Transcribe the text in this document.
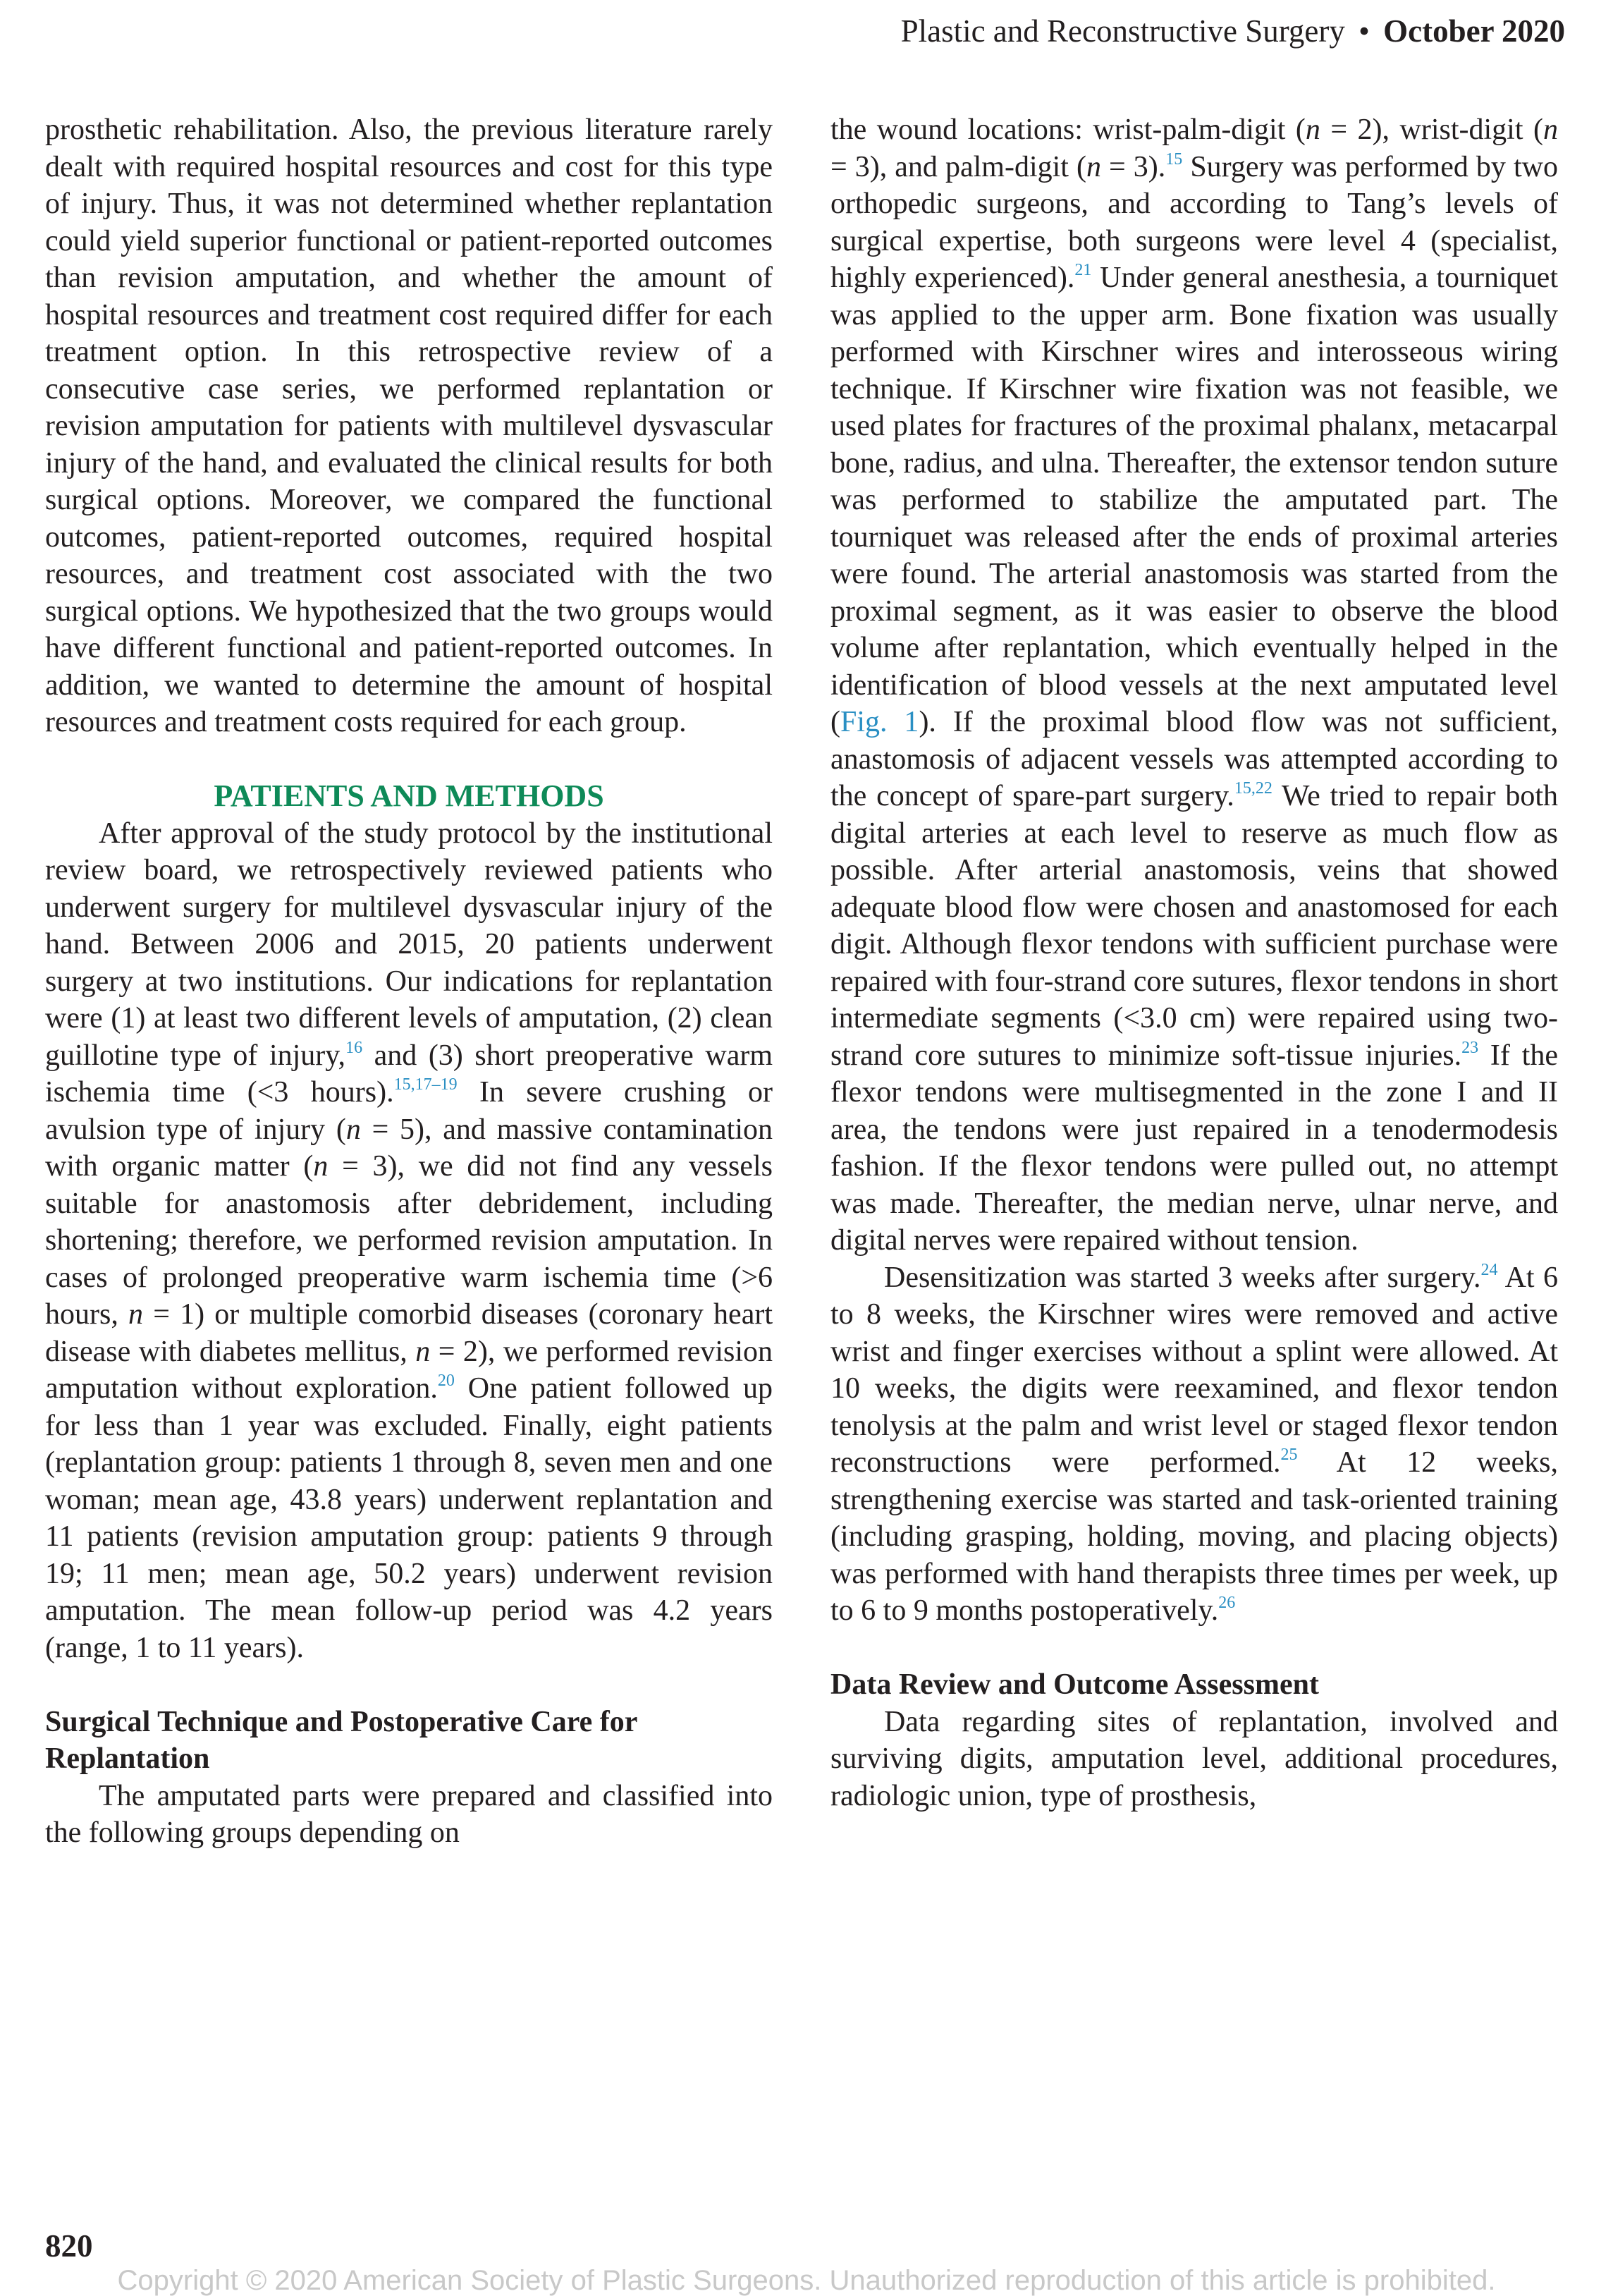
Plastic and Reconstructive Surgery • October 2020

prosthetic rehabilitation. Also, the previous literature rarely dealt with required hospital resources and cost for this type of injury. Thus, it was not determined whether replantation could yield superior functional or patient-reported outcomes than revision amputation, and whether the amount of hospital resources and treatment cost required differ for each treatment option. In this retrospective review of a consecutive case series, we performed replantation or revision amputation for patients with multilevel dysvascular injury of the hand, and evaluated the clinical results for both surgical options. Moreover, we compared the functional outcomes, patient-reported outcomes, required hospital resources, and treatment cost associated with the two surgical options. We hypothesized that the two groups would have different functional and patient-reported outcomes. In addition, we wanted to determine the amount of hospital resources and treatment costs required for each group.

PATIENTS AND METHODS

After approval of the study protocol by the institutional review board, we retrospectively reviewed patients who underwent surgery for multilevel dysvascular injury of the hand. Between 2006 and 2015, 20 patients underwent surgery at two institutions. Our indications for replantation were (1) at least two different levels of amputation, (2) clean guillotine type of injury,$^{16}$ and (3) short preoperative warm ischemia time (<3 hours).$^{15,17-19}$ In severe crushing or avulsion type of injury (n = 5), and massive contamination with organic matter (n = 3), we did not find any vessels suitable for anastomosis after debridement, including shortening; therefore, we performed revision amputation. In cases of prolonged preoperative warm ischemia time (>6 hours, n = 1) or multiple comorbid diseases (coronary heart disease with diabetes mellitus, n = 2), we performed revision amputation without exploration.$^{20}$ One patient followed up for less than 1 year was excluded. Finally, eight patients (replantation group: patients 1 through 8, seven men and one woman; mean age, 43.8 years) underwent replantation and 11 patients (revision amputation group: patients 9 through 19; 11 men; mean age, 50.2 years) underwent revision amputation. The mean follow-up period was 4.2 years (range, 1 to 11 years).

Surgical Technique and Postoperative Care for Replantation

The amputated parts were prepared and classified into the following groups depending on

the wound locations: wrist-palm-digit (n = 2), wrist-digit (n = 3), and palm-digit (n = 3).$^{15}$ Surgery was performed by two orthopedic surgeons, and according to Tang’s levels of surgical expertise, both surgeons were level 4 (specialist, highly experienced).$^{21}$ Under general anesthesia, a tourniquet was applied to the upper arm. Bone fixation was usually performed with Kirschner wires and interosseous wiring technique. If Kirschner wire fixation was not feasible, we used plates for fractures of the proximal phalanx, metacarpal bone, radius, and ulna. Thereafter, the extensor tendon suture was performed to stabilize the amputated part. The tourniquet was released after the ends of proximal arteries were found. The arterial anastomosis was started from the proximal segment, as it was easier to observe the blood volume after replantation, which eventually helped in the identification of blood vessels at the next amputated level (Fig. 1). If the proximal blood flow was not sufficient, anastomosis of adjacent vessels was attempted according to the concept of spare-part surgery.$^{15,22}$ We tried to repair both digital arteries at each level to reserve as much flow as possible. After arterial anastomosis, veins that showed adequate blood flow were chosen and anastomosed for each digit. Although flexor tendons with sufficient purchase were repaired with four-strand core sutures, flexor tendons in short intermediate segments (<3.0 cm) were repaired using two-strand core sutures to minimize soft-tissue injuries.$^{23}$ If the flexor tendons were multisegmented in the zone I and II area, the tendons were just repaired in a tenodermodesis fashion. If the flexor tendons were pulled out, no attempt was made. Thereafter, the median nerve, ulnar nerve, and digital nerves were repaired without tension.

Desensitization was started 3 weeks after surgery.$^{24}$ At 6 to 8 weeks, the Kirschner wires were removed and active wrist and finger exercises without a splint were allowed. At 10 weeks, the digits were reexamined, and flexor tendon tenolysis at the palm and wrist level or staged flexor tendon reconstructions were performed.$^{25}$ At 12 weeks, strengthening exercise was started and task-oriented training (including grasping, holding, moving, and placing objects) was performed with hand therapists three times per week, up to 6 to 9 months postoperatively.$^{26}$

Data Review and Outcome Assessment

Data regarding sites of replantation, involved and surviving digits, amputation level, additional procedures, radiologic union, type of prosthesis,

820
Copyright © 2020 American Society of Plastic Surgeons. Unauthorized reproduction of this article is prohibited.
